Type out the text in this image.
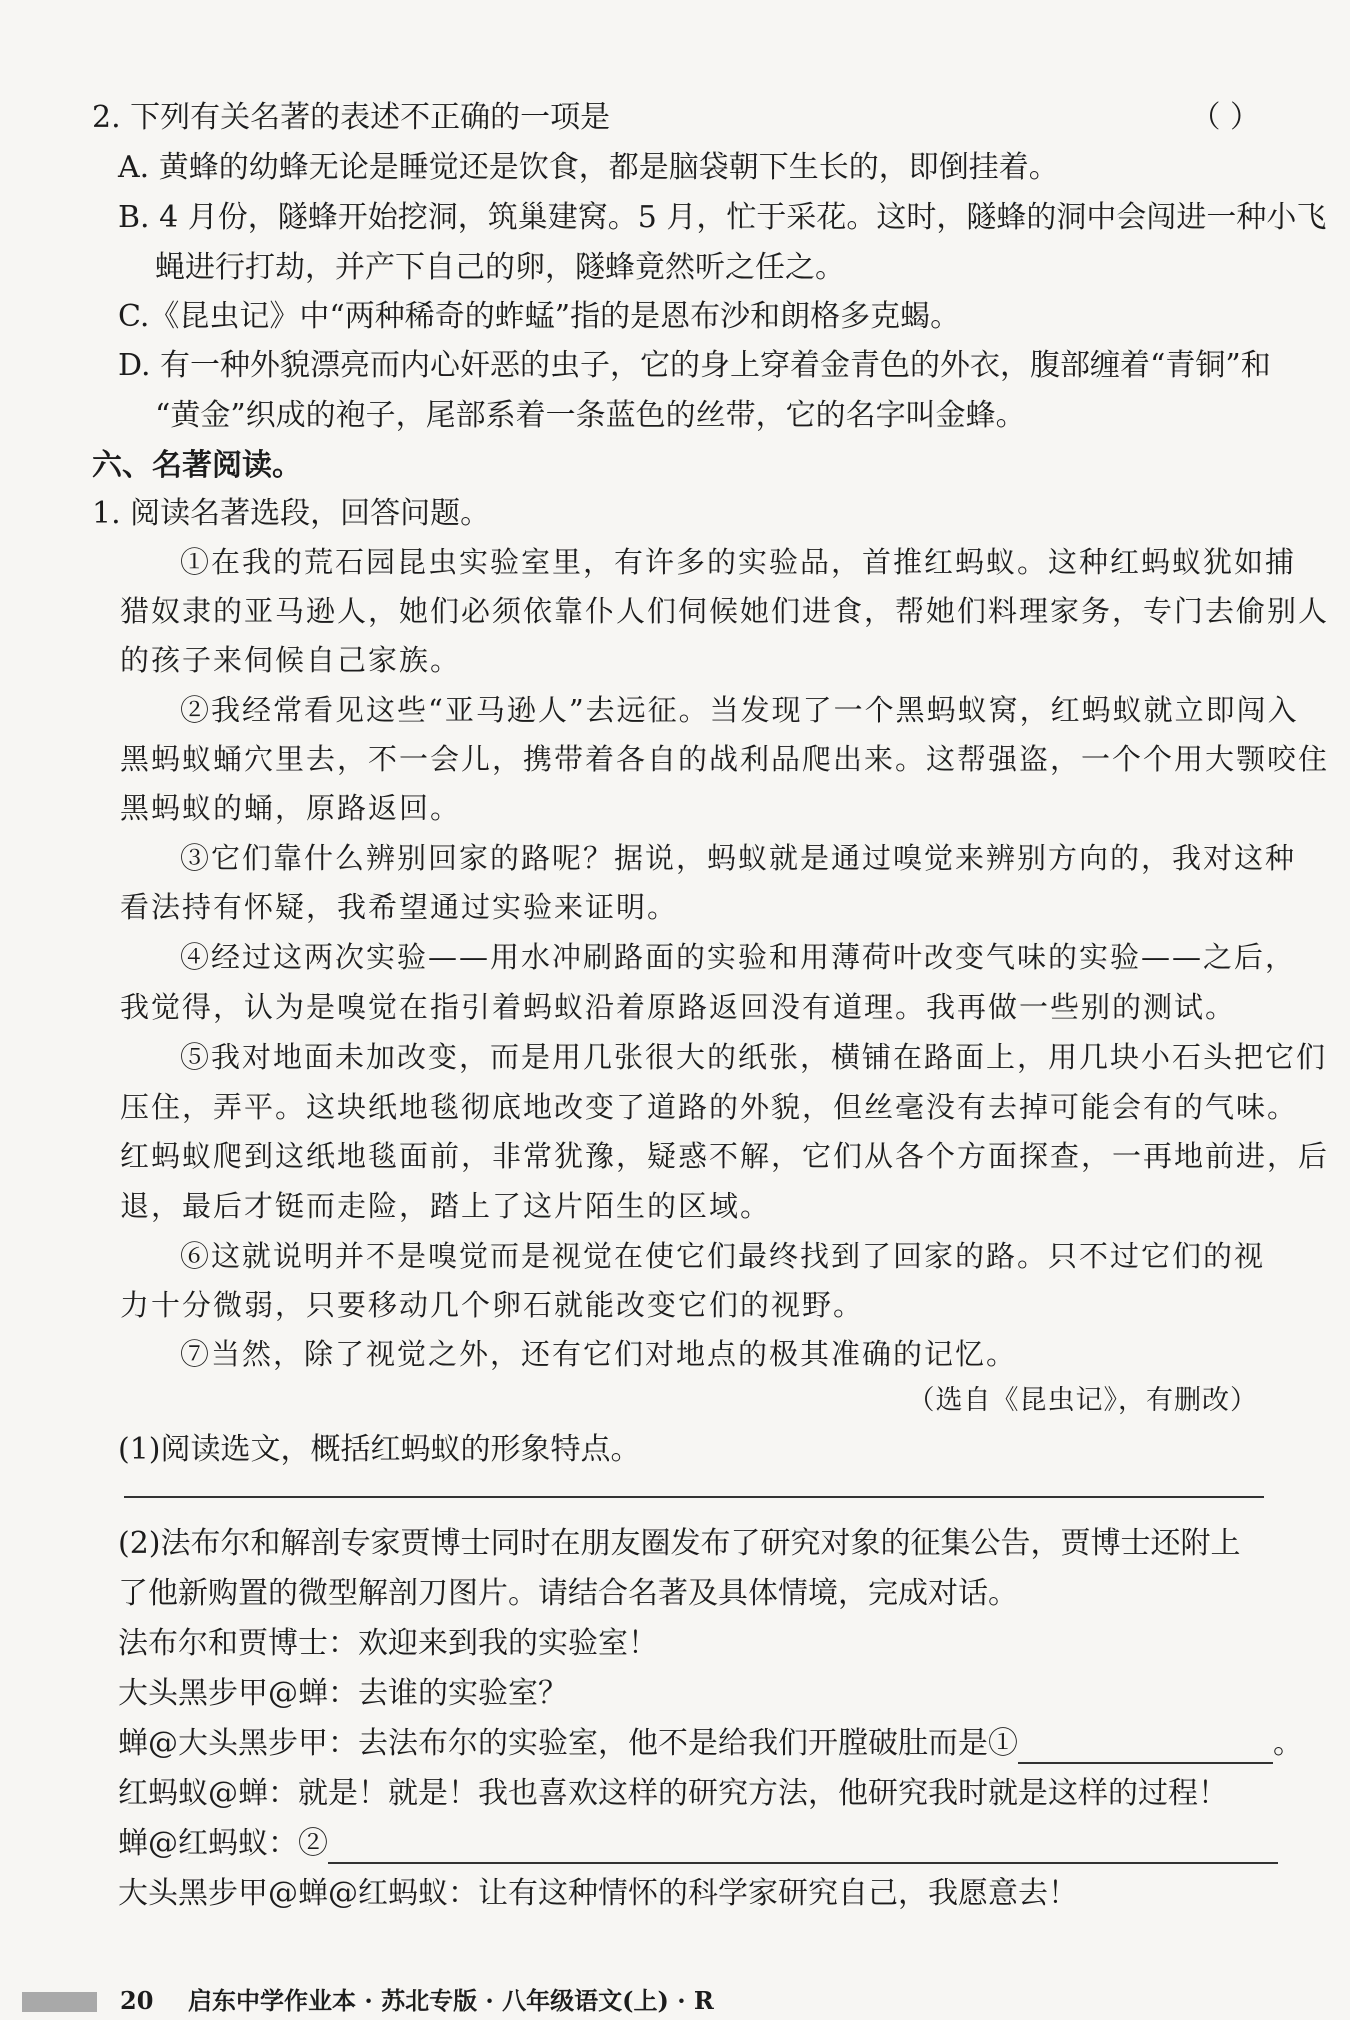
2. 下列有关名著的表述不正确的一项是	（ ）
A. 黄蜂的幼蜂无论是睡觉还是饮食，都是脑袋朝下生长的，即倒挂着。
B. 4 月份，隧蜂开始挖洞，筑巢建窝。5 月，忙于采花。这时，隧蜂的洞中会闯进一种小飞
蝇进行打劫，并产下自己的卵，隧蜂竟然听之任之。
C.《昆虫记》中“两种稀奇的蚱蜢”指的是恩布沙和朗格多克蝎。
D. 有一种外貌漂亮而内心奸恶的虫子，它的身上穿着金青色的外衣，腹部缠着“青铜”和
“黄金”织成的袍子，尾部系着一条蓝色的丝带，它的名字叫金蜂。
六、名著阅读。
1. 阅读名著选段，回答问题。
①在我的荒石园昆虫实验室里，有许多的实验品，首推红蚂蚁。这种红蚂蚁犹如捕
猎奴隶的亚马逊人，她们必须依靠仆人们伺候她们进食，帮她们料理家务，专门去偷别人
的孩子来伺候自己家族。
②我经常看见这些“亚马逊人”去远征。当发现了一个黑蚂蚁窝，红蚂蚁就立即闯入
黑蚂蚁蛹穴里去，不一会儿，携带着各自的战利品爬出来。这帮强盗，一个个用大颚咬住
黑蚂蚁的蛹，原路返回。
③它们靠什么辨别回家的路呢？据说，蚂蚁就是通过嗅觉来辨别方向的，我对这种
看法持有怀疑，我希望通过实验来证明。
④经过这两次实验——用水冲刷路面的实验和用薄荷叶改变气味的实验——之后，
我觉得，认为是嗅觉在指引着蚂蚁沿着原路返回没有道理。我再做一些别的测试。
⑤我对地面未加改变，而是用几张很大的纸张，横铺在路面上，用几块小石头把它们
压住，弄平。这块纸地毯彻底地改变了道路的外貌，但丝毫没有去掉可能会有的气味。
红蚂蚁爬到这纸地毯面前，非常犹豫，疑惑不解，它们从各个方面探查，一再地前进，后
退，最后才铤而走险，踏上了这片陌生的区域。
⑥这就说明并不是嗅觉而是视觉在使它们最终找到了回家的路。只不过它们的视
力十分微弱，只要移动几个卵石就能改变它们的视野。
⑦当然，除了视觉之外，还有它们对地点的极其准确的记忆。
（选自《昆虫记》，有删改）
(1)阅读选文，概括红蚂蚁的形象特点。
(2)法布尔和解剖专家贾博士同时在朋友圈发布了研究对象的征集公告，贾博士还附上
了他新购置的微型解剖刀图片。请结合名著及具体情境，完成对话。
法布尔和贾博士：欢迎来到我的实验室！
大头黑步甲@蝉：去谁的实验室？
蝉@大头黑步甲：去法布尔的实验室，他不是给我们开膛破肚而是①	。
红蚂蚁@蝉：就是！就是！我也喜欢这样的研究方法，他研究我时就是这样的过程！
蝉@红蚂蚁：②
大头黑步甲@蝉@红蚂蚁：让有这种情怀的科学家研究自己，我愿意去！
20 启东中学作业本 · 苏北专版 · 八年级语文(上) · R
